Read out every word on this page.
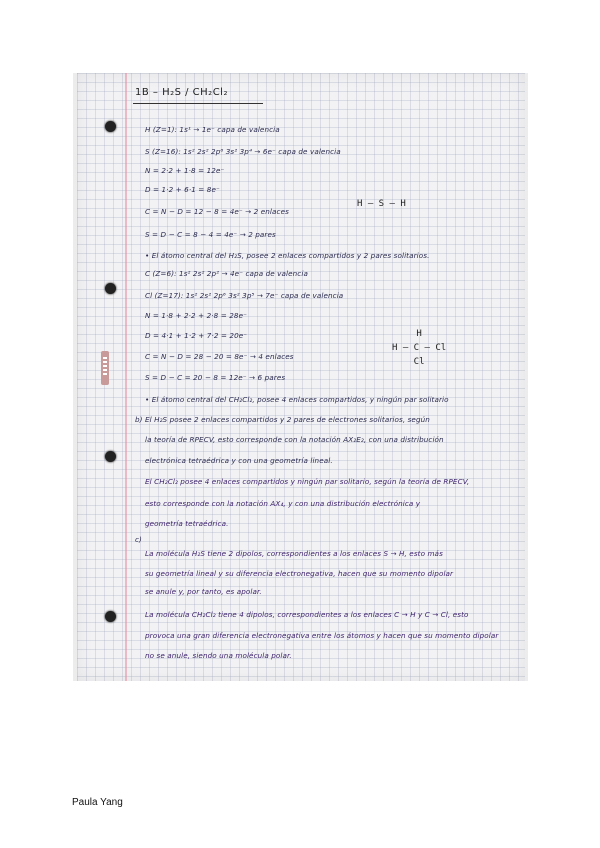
1B – H₂S / CH₂Cl₂
H (Z=1): 1s¹ → 1e⁻ capa de valencia
S (Z=16): 1s² 2s² 2p⁶ 3s² 3p⁴ → 6e⁻ capa de valencia
N = 2·2 + 1·8 = 12e⁻
D = 1·2 + 6·1 = 8e⁻
C = N − D = 12 − 8 = 4e⁻ → 2 enlaces
S = D − C = 8 − 4 = 4e⁻ → 2 pares
• El átomo central del H₂S, posee 2 enlaces compartidos y 2 pares solitarios.
C (Z=6): 1s² 2s² 2p² → 4e⁻ capa de valencia
Cl (Z=17): 1s² 2s² 2p⁶ 3s² 3p⁵ → 7e⁻ capa de valencia
N = 1·8 + 2·2 + 2·8 = 28e⁻
D = 4·1 + 1·2 + 7·2 = 20e⁻
C = N − D = 28 − 20 = 8e⁻ → 4 enlaces
S = D − C = 20 − 8 = 12e⁻ → 6 pares
• El átomo central del CH₂Cl₂, posee 4 enlaces compartidos, y ningún par solitario
b) El H₂S posee 2 enlaces compartidos y 2 pares de electrones solitarios, según
la teoría de RPECV, esto corresponde con la notación AX₂E₂, con una distribución
electrónica tetraédrica y con una geometría lineal.
El CH₂Cl₂ posee 4 enlaces compartidos y ningún par solitario, según la teoría de RPECV,
esto corresponde con la notación AX₄, y con una distribución electrónica y
geometría tetraédrica.
c)
La molécula H₂S tiene 2 dipolos, correspondientes a los enlaces S → H, esto más
su geometría lineal y su diferencia electronegativa, hacen que su momento dipolar
se anule y, por tanto, es apolar.
La molécula CH₂Cl₂ tiene 4 dipolos, correspondientes a los enlaces C → H y C → Cl, esto
provoca una gran diferencia electronegativa entre los átomos y hacen que su momento dipolar
no se anule, siendo una molécula polar.
H — S — H
H
H — C — Cl
Cl
Paula Yang
